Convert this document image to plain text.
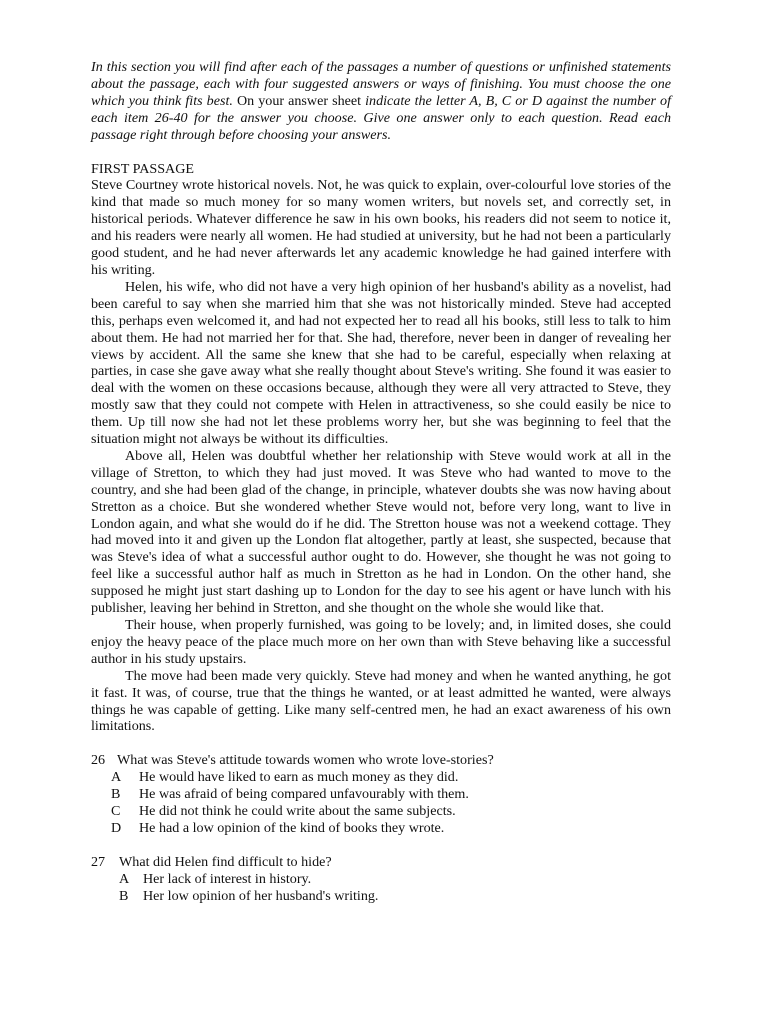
In this section you will find after each of the passages a number of questions or unfinished statements about the passage, each with four suggested answers or ways of finishing. You must choose the one which you think fits best. On your answer sheet indicate the letter A, B, C or D against the number of each item 26-40 for the answer you choose. Give one answer only to each question. Read each passage right through before choosing your answers.

FIRST PASSAGE

Steve Courtney wrote historical novels. Not, he was quick to explain, over-colourful love stories of the kind that made so much money for so many women writers, but novels set, and correctly set, in historical periods. Whatever difference he saw in his own books, his readers did not seem to notice it, and his readers were nearly all women. He had studied at university, but he had not been a particularly good student, and he had never afterwards let any academic knowledge he had gained interfere with his writing.

Helen, his wife, who did not have a very high opinion of her husband's ability as a novelist, had been careful to say when she married him that she was not historically minded. Steve had accepted this, perhaps even welcomed it, and had not expected her to read all his books, still less to talk to him about them. He had not married her for that. She had, therefore, never been in danger of revealing her views by accident. All the same she knew that she had to be careful, especially when relaxing at parties, in case she gave away what she really thought about Steve's writing. She found it was easier to deal with the women on these occasions because, although they were all very attracted to Steve, they mostly saw that they could not compete with Helen in attractiveness, so she could easily be nice to them. Up till now she had not let these problems worry her, but she was beginning to feel that the situation might not always be without its difficulties.

Above all, Helen was doubtful whether her relationship with Steve would work at all in the village of Stretton, to which they had just moved. It was Steve who had wanted to move to the country, and she had been glad of the change, in principle, whatever doubts she was now having about Stretton as a choice. But she wondered whether Steve would not, before very long, want to live in London again, and what she would do if he did. The Stretton house was not a weekend cottage. They had moved into it and given up the London flat altogether, partly at least, she suspected, because that was Steve's idea of what a successful author ought to do. However, she thought he was not going to feel like a successful author half as much in Stretton as he had in London. On the other hand, she supposed he might just start dashing up to London for the day to see his agent or have lunch with his publisher, leaving her behind in Stretton, and she thought on the whole she would like that.

Their house, when properly furnished, was going to be lovely; and, in limited doses, she could enjoy the heavy peace of the place much more on her own than with Steve behaving like a successful author in his study upstairs.

The move had been made very quickly. Steve had money and when he wanted anything, he got it fast. It was, of course, true that the things he wanted, or at least admitted he wanted, were always things he was capable of getting. Like many self-centred men, he had an exact awareness of his own limitations.

26 What was Steve's attitude towards women who wrote love-stories?

A	He would have liked to earn as much money as they did.
B	He was afraid of being compared unfavourably with them.
C	He did not think he could write about the same subjects.
D	He had a low opinion of the kind of books they wrote.

27 What did Helen find difficult to hide?

A Her lack of interest in history.
B	Her low opinion of her husband's writing.
